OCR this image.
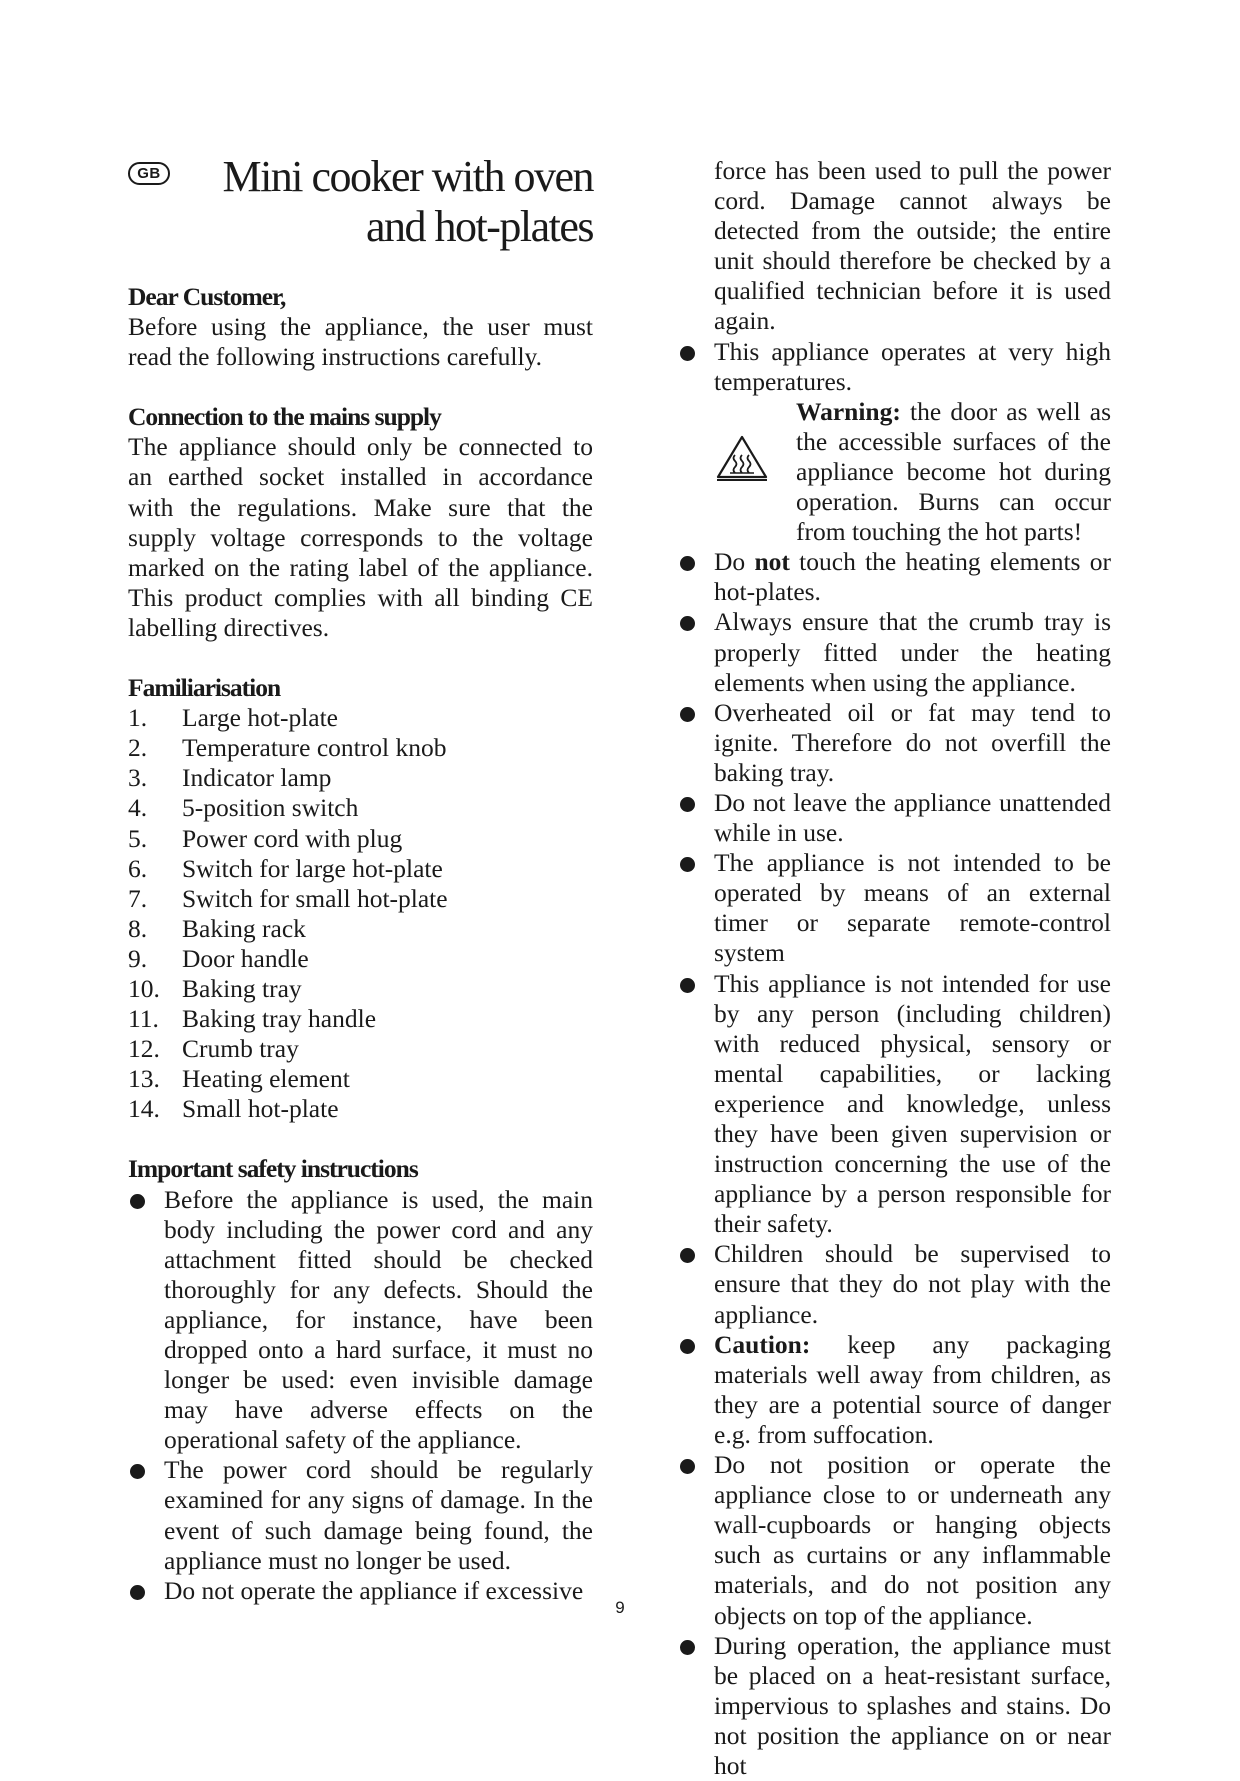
GB Mini cooker with oven
and hot-plates

Dear Customer,

Before using the appliance, the user must read the following instructions carefully.

Connection to the mains supply

The appliance should only be connected to an earthed socket installed in accordance with the regulations. Make sure that the supply voltage corresponds to the voltage marked on the rating label of the appliance. This product complies with all binding CE labelling directives.

Familiarisation

1.	Large hot-plate
2.	Temperature control knob
3.	Indicator lamp
4.	5-position switch
5.	Power cord with plug
6.	Switch for large hot-plate
7.	Switch for small hot-plate
8.	Baking rack
9.	Door handle
10. Baking tray
11. Baking tray handle
12. Crumb tray
13. Heating element
14. Small hot-plate

Important safety instructions

Before the appliance is used, the main body including the power cord and any attachment fitted should be checked thoroughly for any defects. Should the appliance, for instance, have been dropped onto a hard surface, it must no longer be used: even invisible damage may have adverse effects on the operational safety of the appliance.
The power cord should be regularly examined for any signs of damage. In the event of such damage being found, the appliance must no longer be used.
Do not operate the appliance if excessive

force has been used to pull the power cord. Damage cannot always be detected from the outside; the entire unit should therefore be checked by a qualified technician before it is used again.

This appliance operates at very high temperatures.
Warning: the door as well as the accessible surfaces of the appliance become hot during operation. Burns can occur from touching the hot parts!
Do not touch the heating elements or hot-plates.
Always ensure that the crumb tray is properly fitted under the heating elements when using the appliance.
Overheated oil or fat may tend to ignite. Therefore do not overfill the baking tray.
Do not leave the appliance unattended while in use.
The appliance is not intended to be operated by means of an external timer or separate remote-control system
This appliance is not intended for use by any person (including children) with reduced physical, sensory or mental capabilities, or lacking experience and knowledge, unless they have been given supervision or instruction concerning the use of the appliance by a person responsible for their safety.
Children should be supervised to ensure that they do not play with the appliance.
Caution: keep any packaging materials well away from children, as they are a potential source of danger e.g. from suffocation.
Do not position or operate the appliance close to or underneath any wall-cupboards or hanging objects such as curtains or any inflammable materials, and do not position any objects on top of the appliance.
During operation, the appliance must be placed on a heat-resistant surface, impervious to splashes and stains. Do not position the appliance on or near hot
9
